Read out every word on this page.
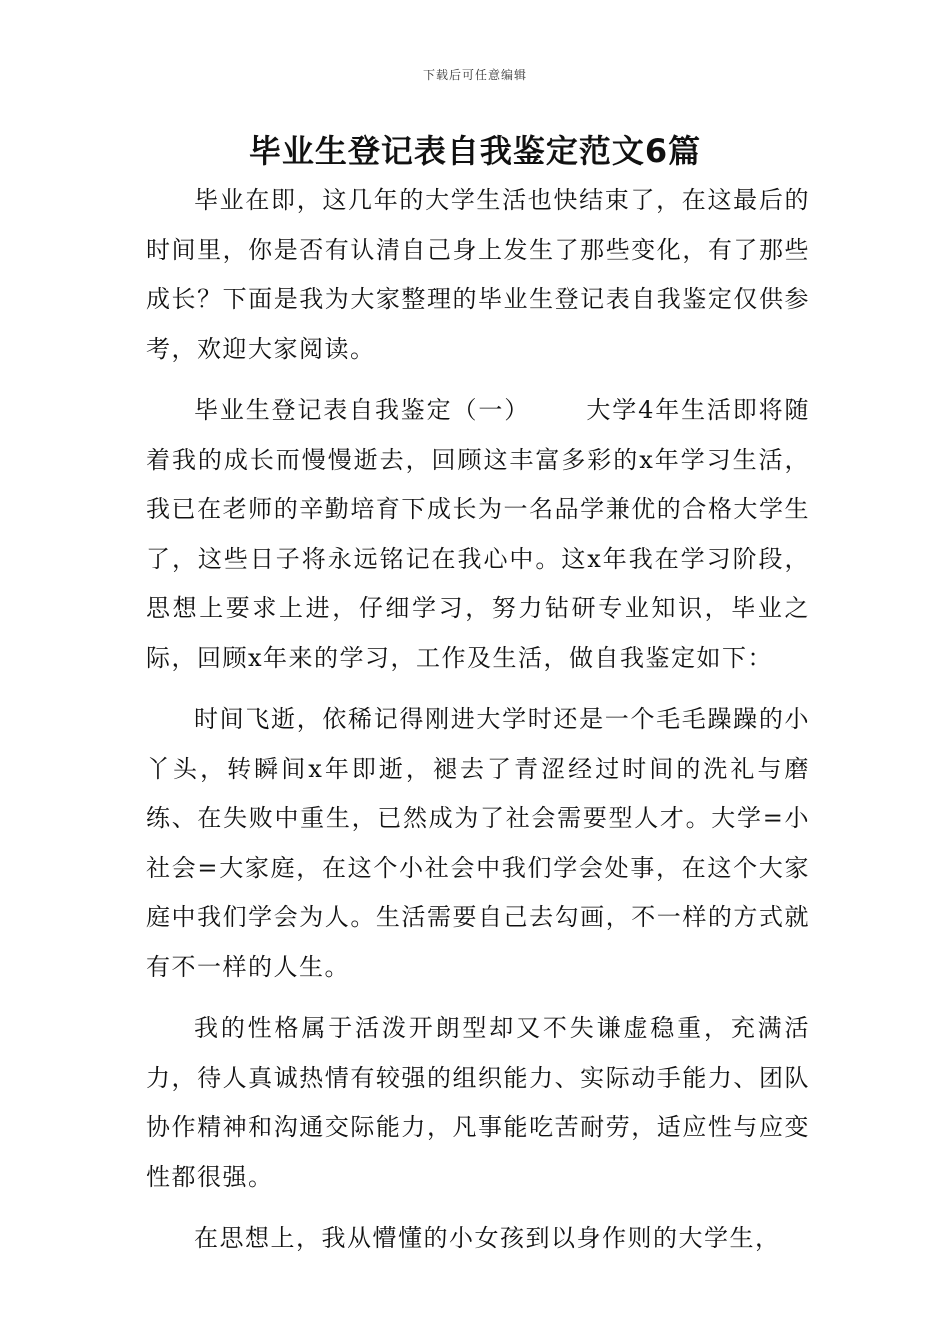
下载后可任意编辑
毕业生登记表自我鉴定范文6篇

毕业在即，这几年的大学生活也快结束了，在这最后的时间里，你是否有认清自己身上发生了那些变化，有了那些成长？下面是我为大家整理的毕业生登记表自我鉴定仅供参考，欢迎大家阅读。

毕业生登记表自我鉴定（一） 大学4年生活即将随着我的成长而慢慢逝去，回顾这丰富多彩的x年学习生活，我已在老师的辛勤培育下成长为一名品学兼优的合格大学生了，这些日子将永远铭记在我心中。这x年我在学习阶段，思想上要求上进，仔细学习，努力钻研专业知识，毕业之际，回顾x年来的学习，工作及生活，做自我鉴定如下：

时间飞逝，依稀记得刚进大学时还是一个毛毛躁躁的小丫头，转瞬间x年即逝，褪去了青涩经过时间的洗礼与磨练、在失败中重生，已然成为了社会需要型人才。大学=小社会=大家庭，在这个小社会中我们学会处事，在这个大家庭中我们学会为人。生活需要自己去勾画，不一样的方式就有不一样的人生。

我的性格属于活泼开朗型却又不失谦虚稳重，充满活力，待人真诚热情有较强的组织能力、实际动手能力、团队协作精神和沟通交际能力，凡事能吃苦耐劳，适应性与应变性都很强。

在思想上，我从懵懂的小女孩到以身作则的大学生，
